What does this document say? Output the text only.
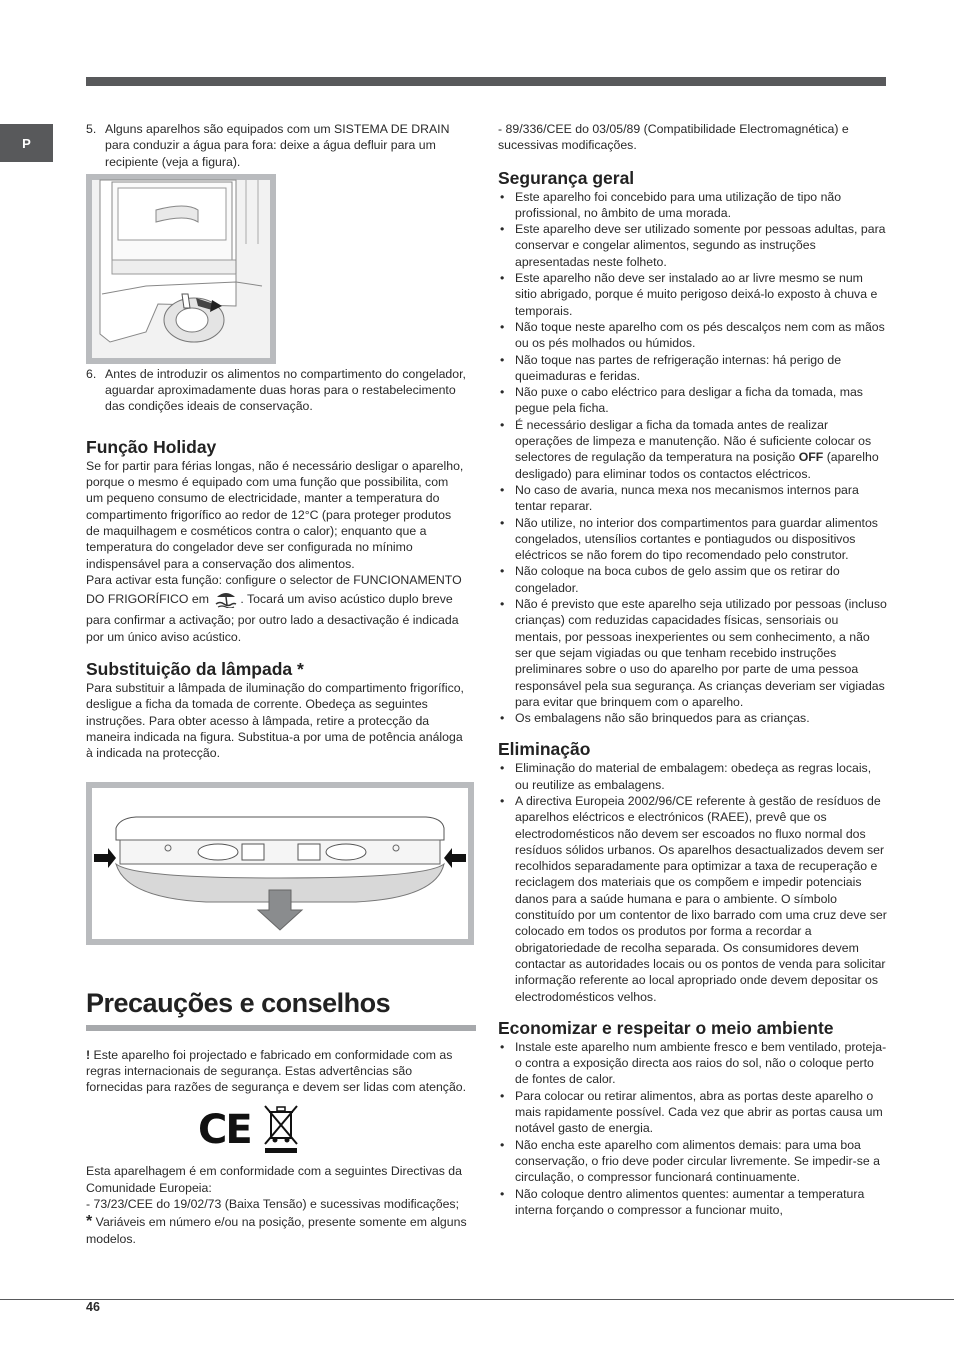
P
5. Alguns aparelhos são equipados com um SISTEMA DE DRAIN para conduzir a água para fora: deixe a água defluir para um recipiente (veja a figura).
6. Antes de introduzir os alimentos no compartimento do congelador, aguardar aproximadamente duas horas para o restabelecimento das condições ideais de conservação.
Função Holiday

Se for partir para férias longas, não é necessário desligar o aparelho, porque o mesmo é equipado com uma função que possibilita, com um pequeno consumo de electricidade, manter a temperatura do compartimento frigorífico ao redor de 12°C (para proteger produtos de maquilhagem e cosméticos contra o calor); enquanto que a temperatura do congelador deve ser configurada no mínimo indispensável para a conservação dos alimentos.

Para activar esta função: configure o selector de FUNCIONAMENTO DO FRIGORÍFICO em	. Tocará um aviso acústico duplo breve para confirmar a activação; por outro lado a desactivação é indicada por um único aviso acústico.

Substituição da lâmpada *

Para substituir a lâmpada de iluminação do compartimento frigorífico, desligue a ficha da tomada de corrente. Obedeça as seguintes instruções. Para obter acesso à lâmpada, retire a protecção da maneira indicada na figura. Substitua-a por uma de potência análoga à indicada na protecção.

Precauções e conselhos

! Este aparelho foi projectado e fabricado em conformidade com as regras internacionais de segurança. Estas advertências são fornecidas para razões de segurança e devem ser lidas com atenção.

CE

Esta aparelhagem é em conformidade com a seguintes Directivas da Comunidade Europeia:

- 73/23/CEE do 19/02/73 (Baixa Tensão) e sucessivas modificações;

* Variáveis em número e/ou na posição, presente somente em alguns modelos.

- 89/336/CEE do 03/05/89 (Compatibilidade Electromagnética) e sucessivas modificações.

Segurança geral
• Este aparelho foi concebido para uma utilização de tipo não profissional, no âmbito de uma morada.
• Este aparelho deve ser utilizado somente por pessoas adultas, para conservar e congelar alimentos, segundo as instruções apresentadas neste folheto.
• Este aparelho não deve ser instalado ao ar livre mesmo se num sitio abrigado, porque é muito perigoso deixá-lo exposto à chuva e temporais.
• Não toque neste aparelho com os pés descalços nem com as mãos ou os pés molhados ou húmidos.
• Não toque nas partes de refrigeração internas: há perigo de queimaduras e feridas.
• Não puxe o cabo eléctrico para desligar a ficha da tomada, mas pegue pela ficha.
• É necessário desligar a ficha da tomada antes de realizar operações de limpeza e manutenção. Não é suficiente colocar os selectores de regulação da temperatura na posição OFF (aparelho desligado) para eliminar todos os contactos eléctricos.
• No caso de avaria, nunca mexa nos mecanismos internos para tentar reparar.
• Não utilize, no interior dos compartimentos para guardar alimentos congelados, utensílios cortantes e pontiagudos ou dispositivos eléctricos se não forem do tipo recomendado pelo construtor.
• Não coloque na boca cubos de gelo assim que os retirar do congelador.
• Não é previsto que este aparelho seja utilizado por pessoas (incluso crianças) com reduzidas capacidades físicas, sensoriais ou mentais, por pessoas inexperientes ou sem conhecimento, a não ser que sejam vigiadas ou que tenham recebido instruções preliminares sobre o uso do aparelho por parte de uma pessoa responsável pela sua segurança. As crianças deveriam ser vigiadas para evitar que brinquem com o aparelho.
• Os embalagens não são brinquedos para as crianças.
Eliminação
• Eliminação do material de embalagem: obedeça as regras locais, ou reutilize as embalagens.
• A directiva Europeia 2002/96/CE referente à gestão de resíduos de aparelhos eléctricos e electrónicos (RAEE), prevê que os electrodomésticos não devem ser escoados no fluxo normal dos resíduos sólidos urbanos. Os aparelhos desactualizados devem ser recolhidos separadamente para optimizar a taxa de recuperação e reciclagem dos materiais que os compõem e impedir potenciais danos para a saúde humana e para o ambiente. O símbolo constituído por um contentor de lixo barrado com uma cruz deve ser colocado em todos os produtos por forma a recordar a obrigatoriedade de recolha separada. Os consumidores devem contactar as autoridades locais ou os pontos de venda para solicitar informação referente ao local apropriado onde devem depositar os electrodomésticos velhos.
Economizar e respeitar o meio ambiente
• Instale este aparelho num ambiente fresco e bem ventilado, proteja-o contra a exposição directa aos raios do sol, não o coloque perto de fontes de calor.
• Para colocar ou retirar alimentos, abra as portas deste aparelho o mais rapidamente possível. Cada vez que abrir as portas causa um notável gasto de energia.
• Não encha este aparelho com alimentos demais: para uma boa conservação, o frio deve poder circular livremente. Se impedir-se a circulação, o compressor funcionará continuamente.
• Não coloque dentro alimentos quentes: aumentar a temperatura interna forçando o compressor a funcionar muito,
46
